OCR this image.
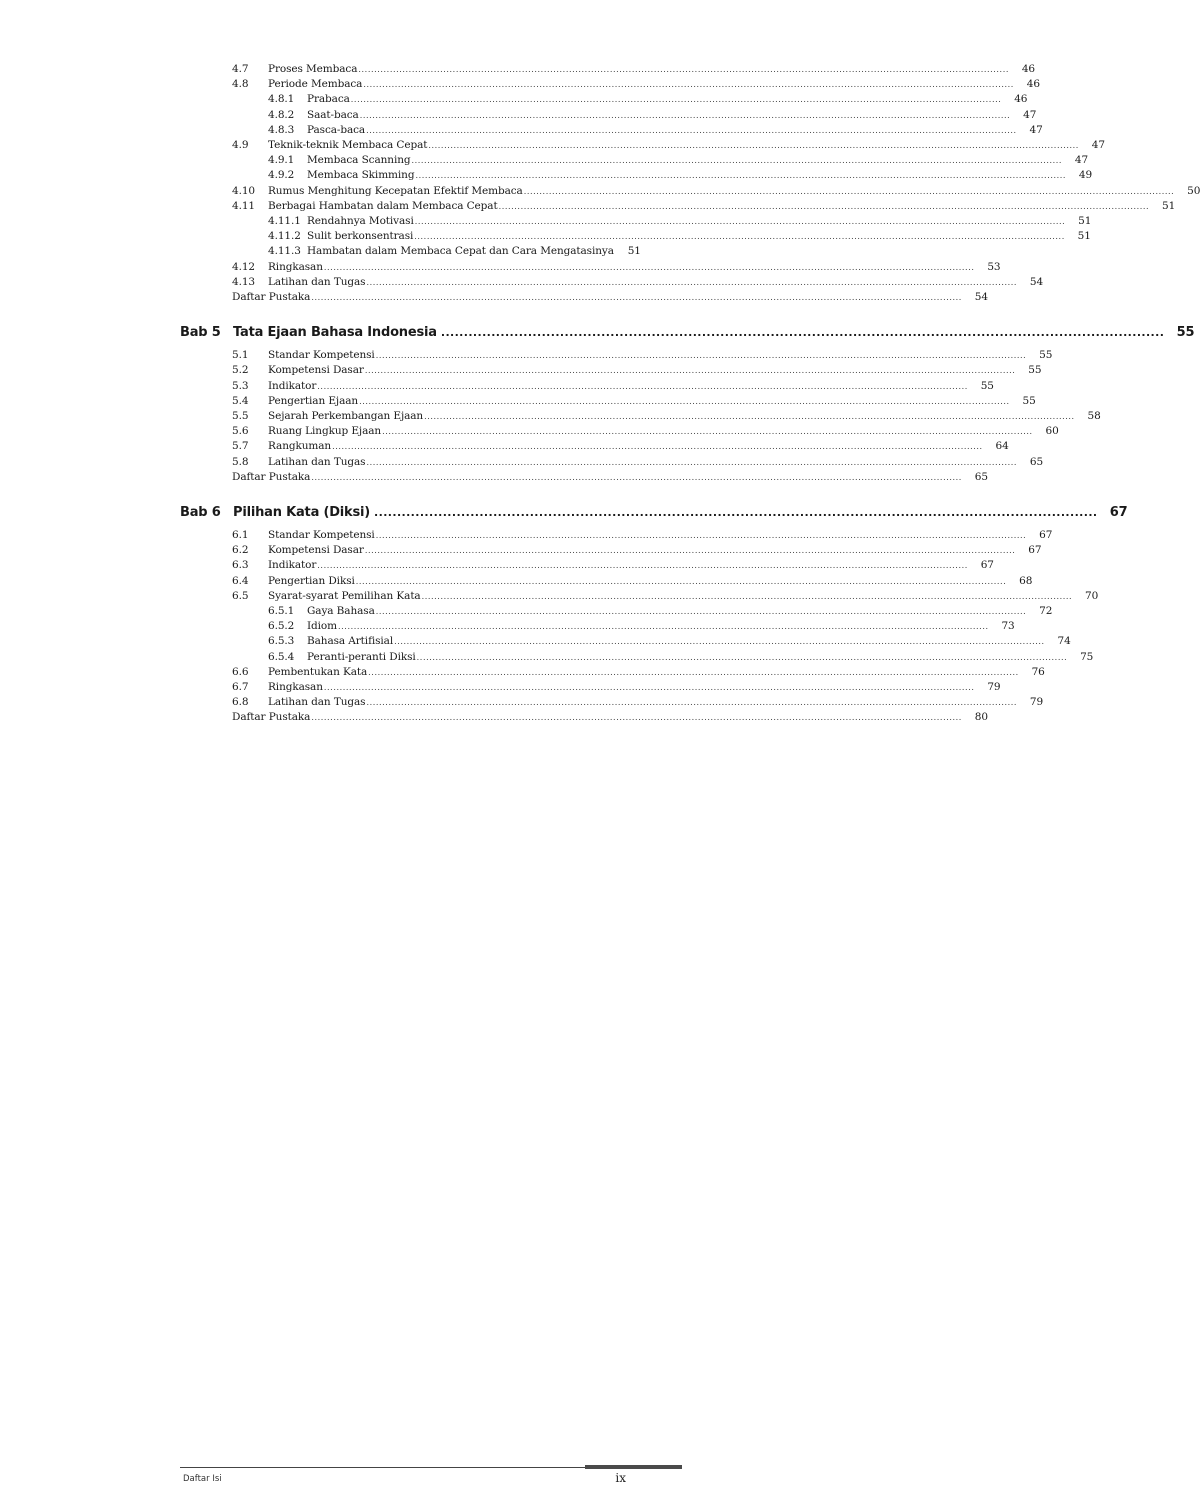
4.7	Proses Membaca .....	46
4.8	Periode Membaca .....	46
4.8.1	Prabaca .....	46
4.8.2	Saat-baca .....	47
4.8.3	Pasca-baca .....	47
4.9	Teknik-teknik Membaca Cepat .....	47
4.9.1	Membaca Scanning .....	47
4.9.2	Membaca Skimming .....	49
4.10	Rumus Menghitung Kecepatan Efektif Membaca .....	50
4.11	Berbagai Hambatan dalam Membaca Cepat .....	51
4.11.1 Rendahnya Motivasi .....	51
4.11.2 Sulit berkonsentrasi .....	51
4.11.3 Hambatan dalam Membaca Cepat dan Cara Mengatasinya	51
4.12	Ringkasan .....	53
4.13	Latihan dan Tugas .....	54
Daftar Pustaka .....	54
Bab 5 Tata Ejaan Bahasa Indonesia .....	55
5.1	Standar Kompetensi .....	55
5.2	Kompetensi Dasar .....	55
5.3	Indikator .....	55
5.4	Pengertian Ejaan .....	55
5.5	Sejarah Perkembangan Ejaan .....	58
5.6	Ruang Lingkup Ejaan .....	60
5.7	Rangkuman .....	64
5.8	Latihan dan Tugas .....	65
Daftar Pustaka .....	65
Bab 6 Pilihan Kata (Diksi) .....	67
6.1	Standar Kompetensi .....	67
6.2	Kompetensi Dasar .....	67
6.3	Indikator .....	67
6.4	Pengertian Diksi .....	68
6.5	Syarat-syarat Pemilihan Kata .....	70
6.5.1	Gaya Bahasa .....	72
6.5.2	Idiom .....	73
6.5.3	Bahasa Artifisial .....	74
6.5.4	Peranti-peranti Diksi .....	75
6.6	Pembentukan Kata .....	76
6.7	Ringkasan .....	79
6.8	Latihan dan Tugas .....	79
Daftar Pustaka .....	80
Daftar Isi	ix
